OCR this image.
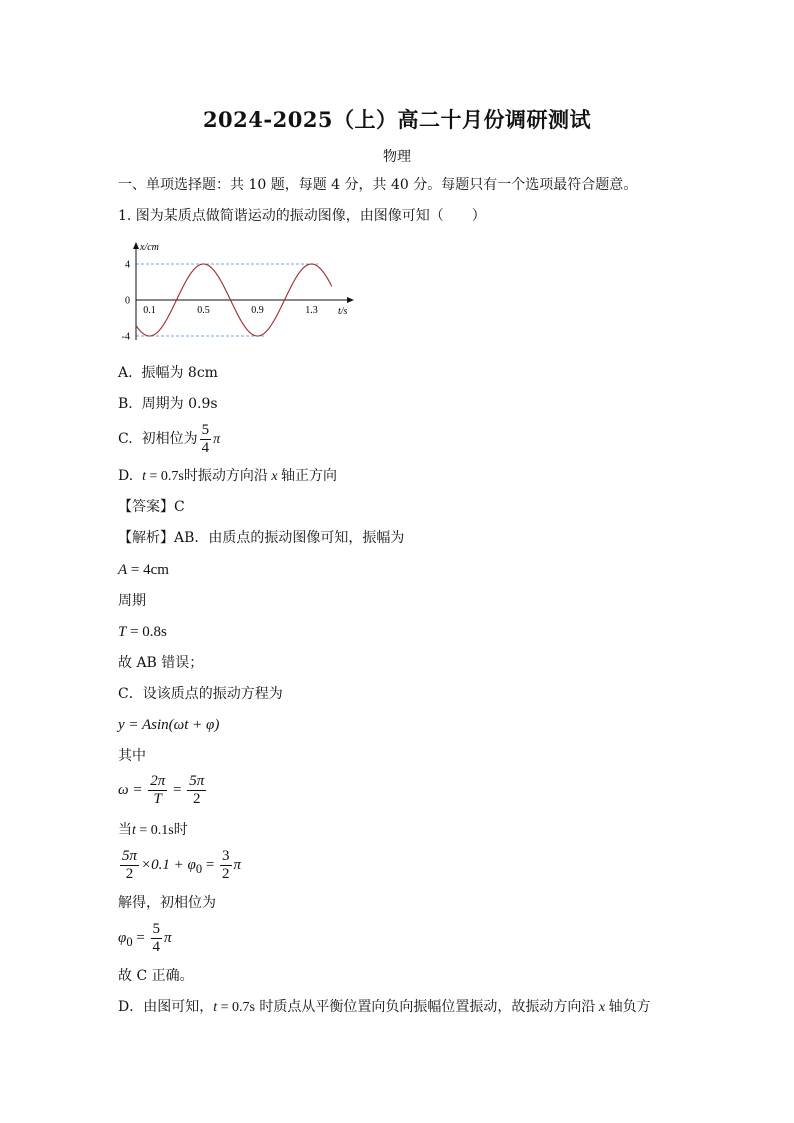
2024-2025（上）高二十月份调研测试
物理
一、单项选择题：共 10 题，每题 4 分，共 40 分。每题只有一个选项最符合题意。
1. 图为某质点做简谐运动的振动图像，由图像可知（　　）
x/cm
t/s
4
0
-4
0.1	0.5	0.9	1.3
A. 振幅为 8cm
B. 周期为 0.9s
C. 初相位为 $\frac{5}{4}$ π
D. t = 0.7s时振动方向沿 x 轴正方向
【答案】C
【解析】AB．由质点的振动图像可知，振幅为
A = 4cm
周期
T = 0.8s
故 AB 错误；
C．设该质点的振动方程为
y = Asin(ωt + φ)
其中
$\omega = \frac{2\pi}{T} = \frac{5\pi}{2}$
当t = 0.1s时
$\frac{5\pi}{2} \times 0.1 + \varphi_0 = \frac{3}{2}$ π
解得，初相位为
$\varphi_0 = \frac{5}{4}$ π
故 C 正确。
D．由图可知，t = 0.7s 时质点从平衡位置向负向振幅位置振动，故振动方向沿 x 轴负方
